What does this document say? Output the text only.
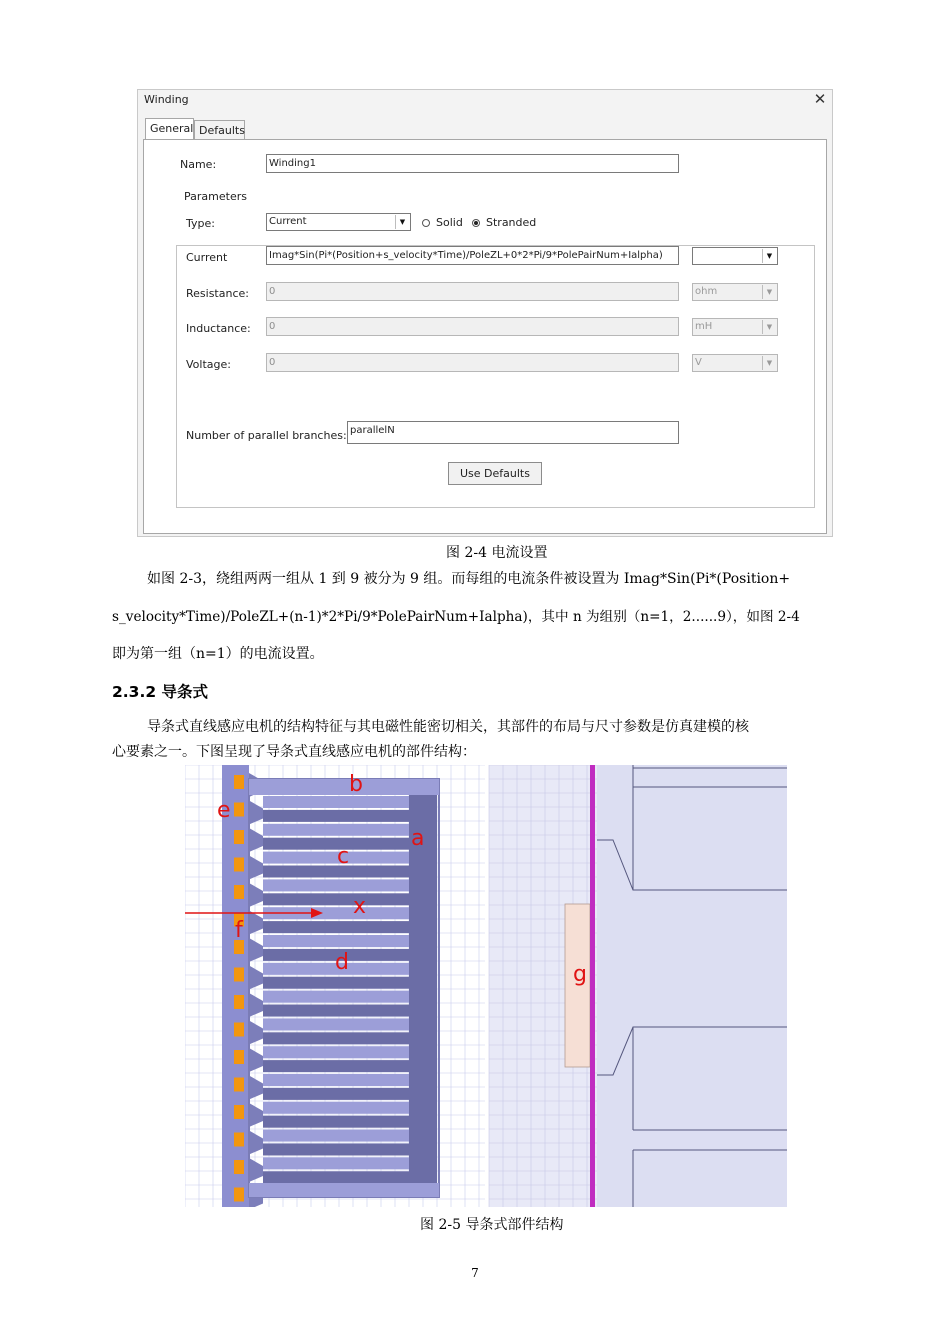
Winding	✕
General Defaults
Name:	Winding1
Parameters
Type:	Current	▼	Solid Stranded
Current	Imag*Sin(Pi*(Position+s_velocity*Time)/PoleZL+0*2*Pi/9*PolePairNum+Ialpha)	▼
Resistance:	0	ohm	▼
Inductance:	0	mH	▼
Voltage:	0	V	▼
Number of parallel branches: parallelN
Use Defaults
图 2-4 电流设置
如图 2-3，绕组两两一组从 1 到 9 被分为 9 组。而每组的电流条件被设置为 Imag*Sin(Pi*(Position+
s_velocity*Time)/PoleZL+(n-1)*2*Pi/9*PolePairNum+Ialpha)，其中 n 为组别（n=1，2......9），如图 2-4
即为第一组（n=1）的电流设置。
2.3.2 导条式
导条式直线感应电机的结构特征与其电磁性能密切相关，其部件的布局与尺寸参数是仿真建模的核
心要素之一。下图呈现了导条式直线感应电机的部件结构：
b
e
a
c
x
f
d	g
图 2-5 导条式部件结构
7
